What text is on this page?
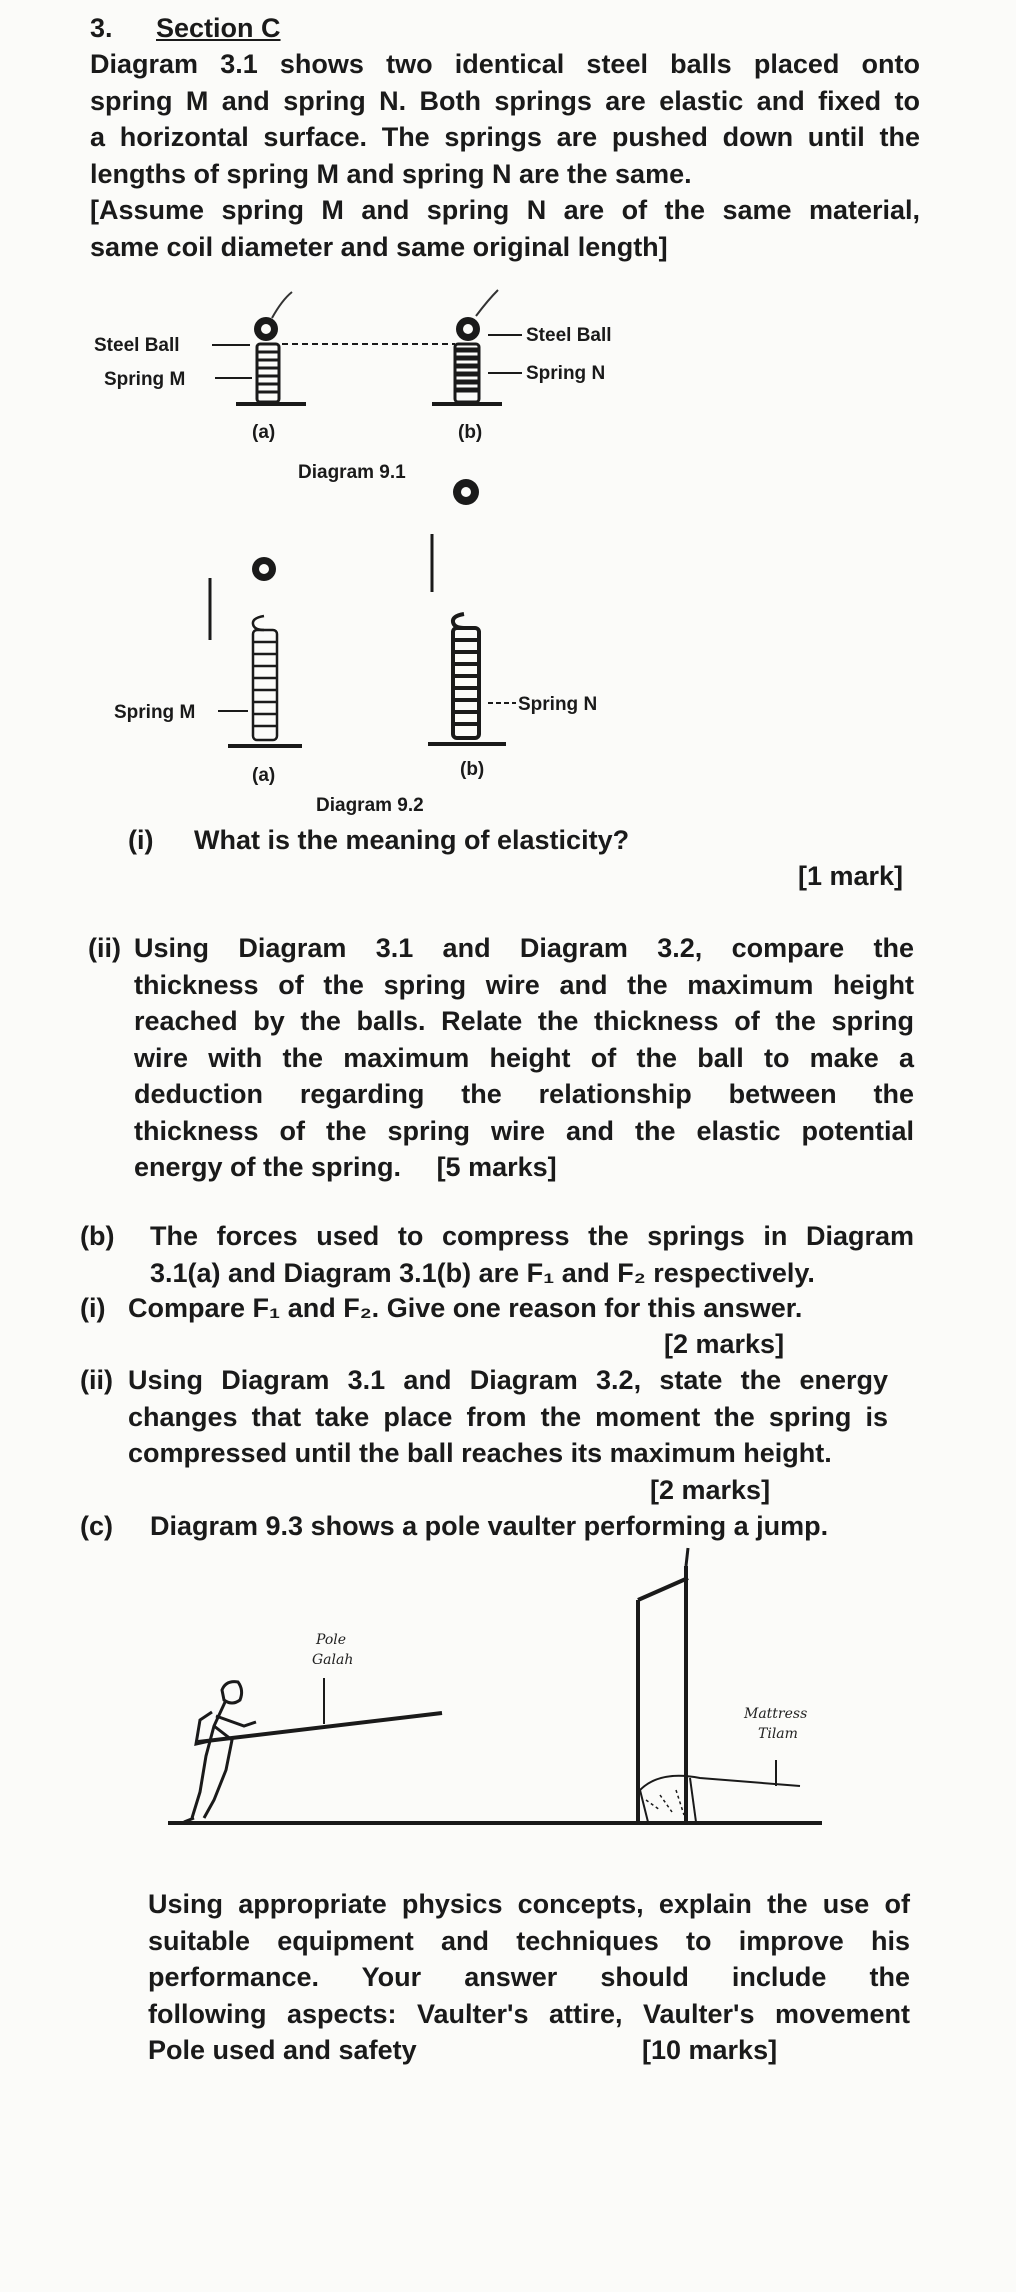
3. Section C

Diagram 3.1 shows two identical steel balls placed onto

spring M and spring N. Both springs are elastic and fixed to

a horizontal surface. The springs are pushed down until the

lengths of spring M and spring N are the same.

[Assume spring M and spring N are of the same material,

same coil diameter and same original length]

Steel Ball
Spring M
Steel Ball
Spring N
(a)	(b)
Diagram 9.1
Spring M	Spring N
(a)	(b)
Diagram 9.2
(i) What is the meaning of elasticity?
[1 mark]
(ii) Using Diagram 3.1 and Diagram 3.2, compare the

thickness of the spring wire and the maximum height

reached by the balls. Relate the thickness of the spring

wire with the maximum height of the ball to make a

deduction regarding the relationship between the

thickness of the spring wire and the elastic potential

energy of the spring. [5 marks]

(b) The forces used to compress the springs in Diagram

3.1(a) and Diagram 3.1(b) are F₁ and F₂ respectively.

(i) Compare F₁ and F₂. Give one reason for this answer.
[2 marks]
(ii) Using Diagram 3.1 and Diagram 3.2, state the energy

changes that take place from the moment the spring is

compressed until the ball reaches its maximum height.

[2 marks]
(c) Diagram 9.3 shows a pole vaulter performing a jump.
Pole
Galah
Mattress
Tilam

Using appropriate physics concepts, explain the use of

suitable equipment and techniques to improve his

performance. Your answer should include the

following aspects: Vaulter's attire, Vaulter's movement

Pole used and safety	[10 marks]
